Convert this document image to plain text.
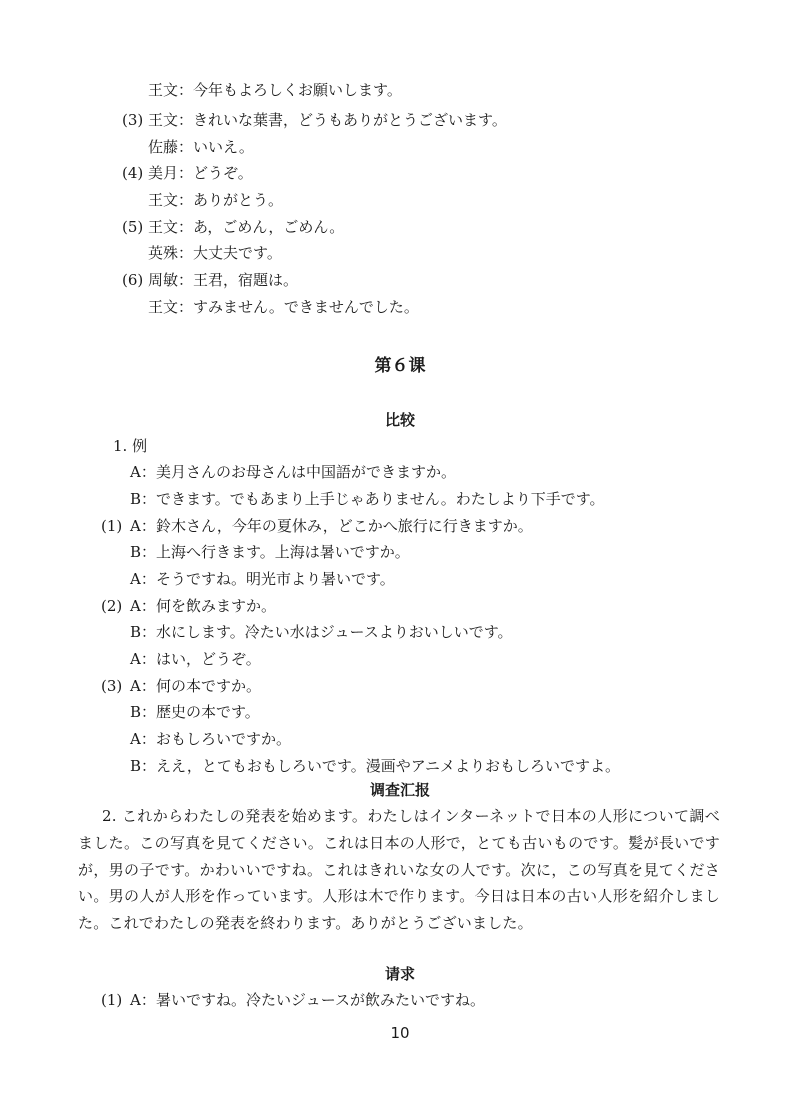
王文：今年もよろしくお願いします。
(3) 王文：きれいな葉書，どうもありがとうございます。
佐藤：いいえ。
(4) 美月：どうぞ。
王文：ありがとう。
(5) 王文：あ，ごめん，ごめん。
英殊：大丈夫です。
(6) 周敏：王君，宿題は。
王文：すみません。できませんでした。
第６课
比较
1. 例
A：美月さんのお母さんは中国語ができますか。
B：できます。でもあまり上手じゃありません。わたしより下手です。
(1) A：鈴木さん，今年の夏休み，どこかへ旅行に行きますか。
B：上海へ行きます。上海は暑いですか。
A：そうですね。明光市より暑いです。
(2) A：何を飲みますか。
B：水にします。冷たい水はジュースよりおいしいです。
A：はい，どうぞ。
(3) A：何の本ですか。
B：歴史の本です。
A：おもしろいですか。
B：ええ，とてもおもしろいです。漫画やアニメよりおもしろいですよ。
调查汇报
2. これからわたしの発表を始めます。わたしはインターネットで日本の人形について調べました。この写真を見てください。これは日本の人形で，とても古いものです。髪が長いですが，男の子です。かわいいですね。これはきれいな女の人です。次に，この写真を見てください。男の人が人形を作っています。人形は木で作ります。今日は日本の古い人形を紹介しました。これでわたしの発表を終わります。ありがとうございました。
请求
(1) A：暑いですね。冷たいジュースが飲みたいですね。
10
